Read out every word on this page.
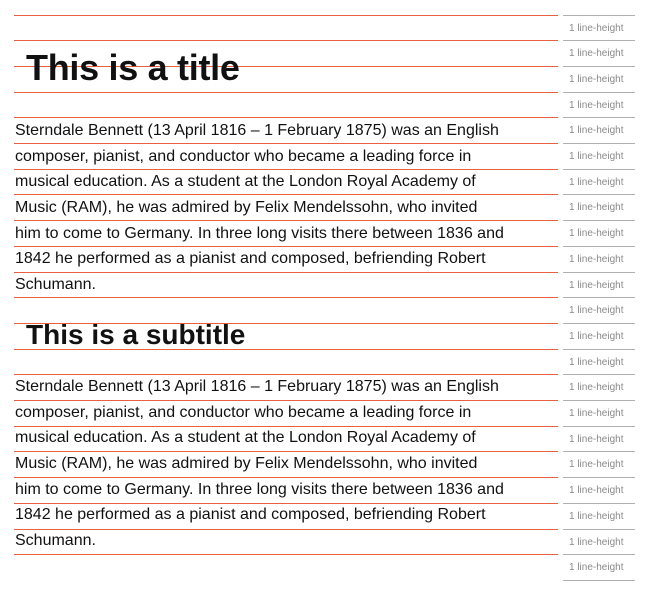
1 line-height
1 line-height
1 line-height
1 line-height
1 line-height
1 line-height
1 line-height
1 line-height
1 line-height
1 line-height
1 line-height
1 line-height
1 line-height
1 line-height
1 line-height
1 line-height
1 line-height
1 line-height
1 line-height
1 line-height
1 line-height
1 line-height
This is a title

Sterndale Bennett (13 April 1816 – 1 February 1875) was an English
composer, pianist, and conductor who became a leading force in
musical education. As a student at the London Royal Academy of
Music (RAM), he was admired by Felix Mendelssohn, who invited
him to come to Germany. In three long visits there between 1836 and
1842 he performed as a pianist and composed, befriending Robert
Schumann.

This is a subtitle

Sterndale Bennett (13 April 1816 – 1 February 1875) was an English
composer, pianist, and conductor who became a leading force in
musical education. As a student at the London Royal Academy of
Music (RAM), he was admired by Felix Mendelssohn, who invited
him to come to Germany. In three long visits there between 1836 and
1842 he performed as a pianist and composed, befriending Robert
Schumann.
